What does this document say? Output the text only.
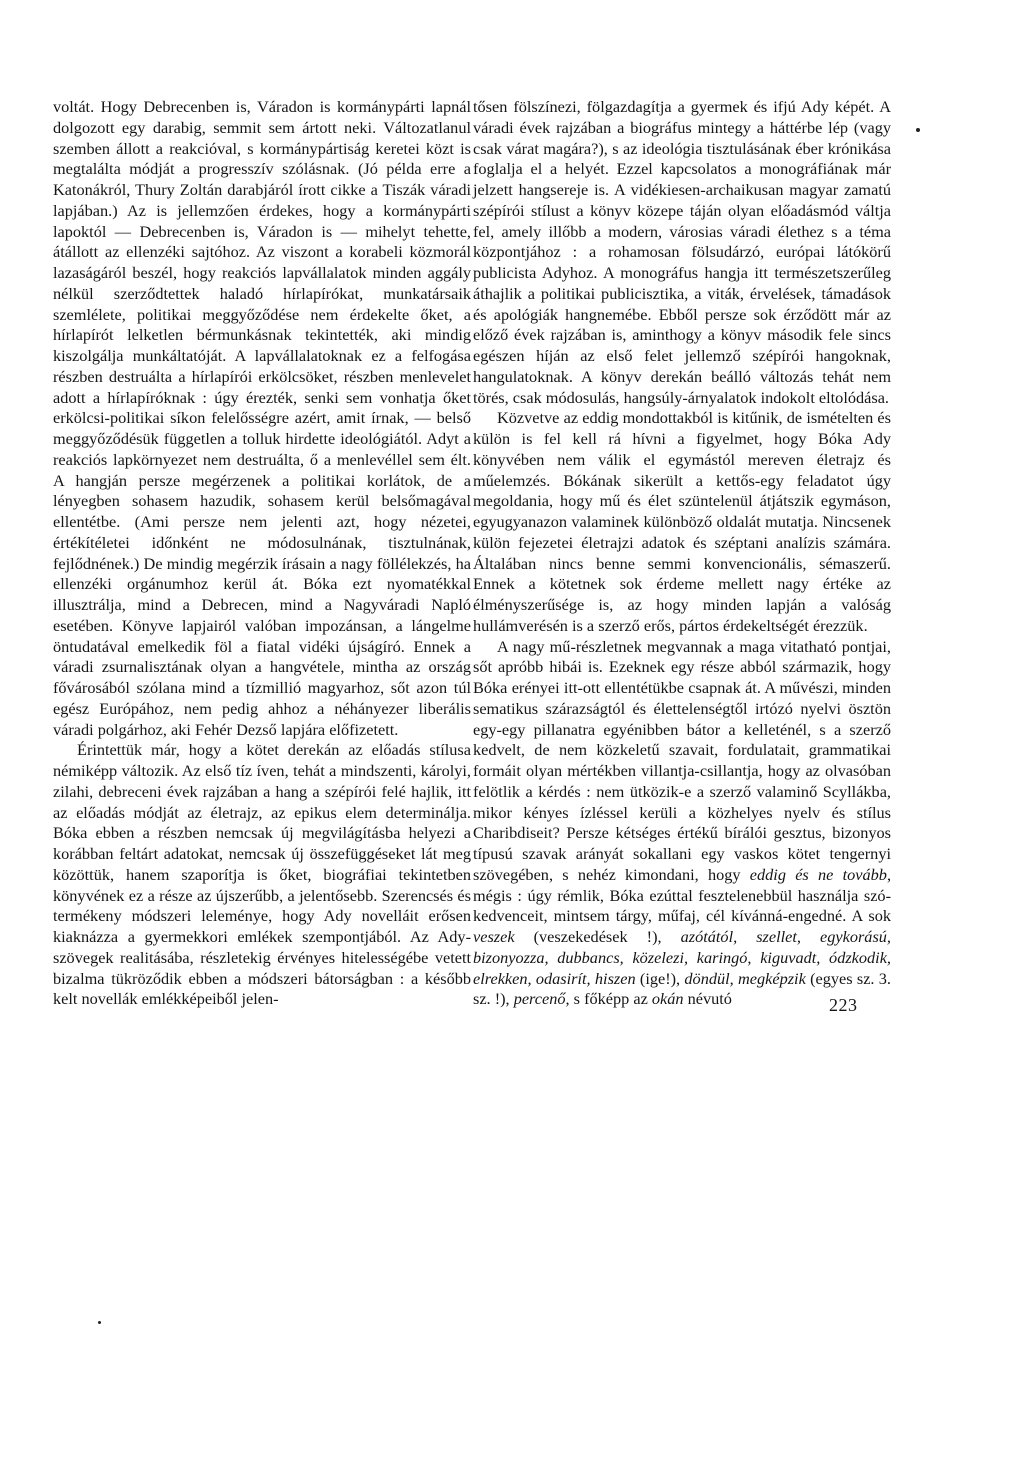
voltát. Hogy Debrecenben is, Váradon is kormánypárti lapnál dolgozott egy darabig, semmit sem ártott neki. Változatlanul szemben állott a reakcióval, s kormánypártiság keretei közt is megtalálta módját a progresszív szólásnak. (Jó példa erre a Katonákról, Thury Zoltán darabjáról írott cikke a Tiszák váradi lapjában.) Az is jellemzően érdekes, hogy a kormánypárti lapoktól — Debrecenben is, Váradon is — mihelyt tehette, átállott az ellenzéki sajtóhoz. Az viszont a korabeli közmorál lazaságáról beszél, hogy reakciós lapvállalatok minden aggály nélkül szerződtettek haladó hírlapírókat, munkatársaik szemlélete, politikai meggyőződése nem érdekelte őket, a hírlapírót lelketlen bérmunkásnak tekintették, aki mindig kiszolgálja munkáltatóját. A lapvállalatoknak ez a felfogása részben destruálta a hírlapírói erkölcsöket, részben menlevelet adott a hírlapíróknak : úgy érezték, senki sem vonhatja őket erkölcsi-politikai síkon felelősségre azért, amit írnak, — belső meggyőződésük független a tolluk hirdette ideológiától. Adyt a reakciós lapkörnyezet nem destruálta, ő a menlevéllel sem élt. A hangján persze megérzenek a politikai korlátok, de a lényegben sohasem hazudik, sohasem kerül belsőmagával ellentétbe. (Ami persze nem jelenti azt, hogy nézetei, értékítéletei időnként ne módosulnának, tisztulnának, fejlődnének.) De mindig megérzik írásain a nagy föllélekzés, ha ellenzéki orgánumhoz kerül át. Bóka ezt nyomatékkal illusztrálja, mind a Debrecen, mind a Nagyváradi Napló esetében. Könyve lapjairól valóban impozánsan, a lángelme öntudatával emelkedik föl a fiatal vidéki újságíró. Ennek a váradi zsurnalisztának olyan a hangvétele, mintha az ország fővárosából szólana mind a tízmillió magyarhoz, sőt azon túl egész Európához, nem pedig ahhoz a néhányezer liberális váradi polgárhoz, aki Fehér Dezső lapjára előfizetett.

Érintettük már, hogy a kötet derekán az előadás stílusa némiképp változik. Az első tíz íven, tehát a mindszenti, károlyi, zilahi, debreceni évek rajzában a hang a szépírói felé hajlik, itt az előadás módját az életrajz, az epikus elem determinálja. Bóka ebben a részben nemcsak új megvilágításba helyezi a korábban feltárt adatokat, nemcsak új összefüggéseket lát meg közöttük, hanem szaporítja is őket, biográfiai tekintetben könyvének ez a része az újszerűbb, a jelentősebb. Szerencsés és termékeny módszeri leleménye, hogy Ady novelláit erősen kiaknázza a gyermekkori emlékek szempontjából. Az Ady-szövegek realitásába, részletekig érvényes hitelességébe vetett bizalma tükröződik ebben a módszeri bátorságban : a később kelt novellák emlékképeiből jelen-

tősen fölszínezi, fölgazdagítja a gyermek és ifjú Ady képét. A váradi évek rajzában a biográfus mintegy a háttérbe lép (vagy csak várat magára?), s az ideológia tisztulásának éber krónikása foglalja el a helyét. Ezzel kapcsolatos a monográfiának már jelzett hangsereje is. A vidékiesen-archaikusan magyar zamatú szépírói stílust a könyv közepe táján olyan előadásmód váltja fel, amely illőbb a modern, városias váradi élethez s a téma központjához : a rohamosan fölsudárzó, európai látókörű publicista Adyhoz. A monográfus hangja itt természetszerűleg áthajlik a politikai publicisztika, a viták, érvelések, támadások és apológiák hangnemébe. Ebből persze sok érződött már az előző évek rajzában is, aminthogy a könyv második fele sincs egészen híján az első felet jellemző szépírói hangoknak, hangulatoknak. A könyv derekán beálló változás tehát nem törés, csak módosulás, hangsúly-árnyalatok indokolt eltolódása.

Közvetve az eddig mondottakból is kitűnik, de ismételten és külön is fel kell rá hívni a figyelmet, hogy Bóka Ady könyvében nem válik el egymástól mereven életrajz és műelemzés. Bókának sikerült a kettős-egy feladatot úgy megoldania, hogy mű és élet szüntelenül átjátszik egymáson, egyugyanazon valaminek különböző oldalát mutatja. Nincsenek külön fejezetei életrajzi adatok és széptani analízis számára. Általában nincs benne semmi konvencionális, sémaszerű. Ennek a kötetnek sok érdeme mellett nagy értéke az élményszerűsége is, az hogy minden lapján a valóság hullámverésén is a szerző erős, pártos érdekeltségét érezzük.

A nagy mű-részletnek megvannak a maga vitatható pontjai, sőt apróbb hibái is. Ezeknek egy része abból származik, hogy Bóka erényei itt-ott ellentétükbe csapnak át. A művészi, minden sematikus szárazságtól és élettelenségtől irtózó nyelvi ösztön egy-egy pillanatra egyénibben bátor a kelleténél, s a szerző kedvelt, de nem közkeletű szavait, fordulatait, grammatikai formáit olyan mértékben villantja-csillantja, hogy az olvasóban felötlik a kérdés : nem ütközik-e a szerző valaminő Scyllákba, mikor kényes ízléssel kerüli a közhelyes nyelv és stílus Charibdiseit? Persze kétséges értékű bírálói gesztus, bizonyos típusú szavak arányát sokallani egy vaskos kötet tengernyi szövegében, s nehéz kimondani, hogy eddig és ne tovább, mégis : úgy rémlik, Bóka ezúttal fesztelenebbül használja szó-kedvenceit, mintsem tárgy, műfaj, cél kívánná-engedné. A sok veszek (veszekedések !), azótától, szellet, egykorású, bizonyozza, dubbancs, közelezi, karingó, kiguvadt, ódzkodik, elrekken, odasirít, hiszen (ige!), döndül, megképzik (egyes sz. 3. sz. !), percenő, s főképp az okán névutó	223
